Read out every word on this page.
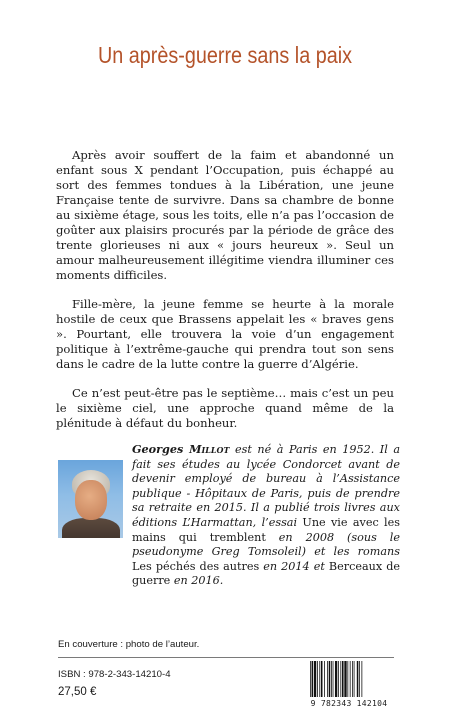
Un après-guerre sans la paix

Après avoir souffert de la faim et abandonné un enfant sous X pendant l’Occupation, puis échappé au sort des femmes tondues à la Libération, une jeune Française tente de survivre. Dans sa chambre de bonne au sixième étage, sous les toits, elle n’a pas l’occasion de goûter aux plaisirs procurés par la période de grâce des trente glorieuses ni aux « jours heureux ». Seul un amour malheureusement illégitime viendra illuminer ces moments difficiles.

Fille-mère, la jeune femme se heurte à la morale hostile de ceux que Brassens appelait les « braves gens ». Pourtant, elle trouvera la voie d’un engagement politique à l’extrême-gauche qui prendra tout son sens dans le cadre de la lutte contre la guerre d’Algérie.

Ce n’est peut-être pas le septième… mais c’est un peu le sixième ciel, une approche quand même de la plénitude à défaut du bonheur.

Georges Millot est né à Paris en 1952. Il a fait ses études au lycée Condorcet avant de devenir employé de bureau à l’Assistance publique - Hôpitaux de Paris, puis de prendre sa retraite en 2015. Il a publié trois livres aux éditions L’Harmattan, l’essai Une vie avec les mains qui tremblent en 2008 (sous le pseudonyme Greg Tomsoleil) et les romans Les péchés des autres en 2014 et Berceaux de guerre en 2016.
En couverture : photo de l’auteur.
ISBN : 978-2-343-14210-4
27,50 €
9 782343 142104
